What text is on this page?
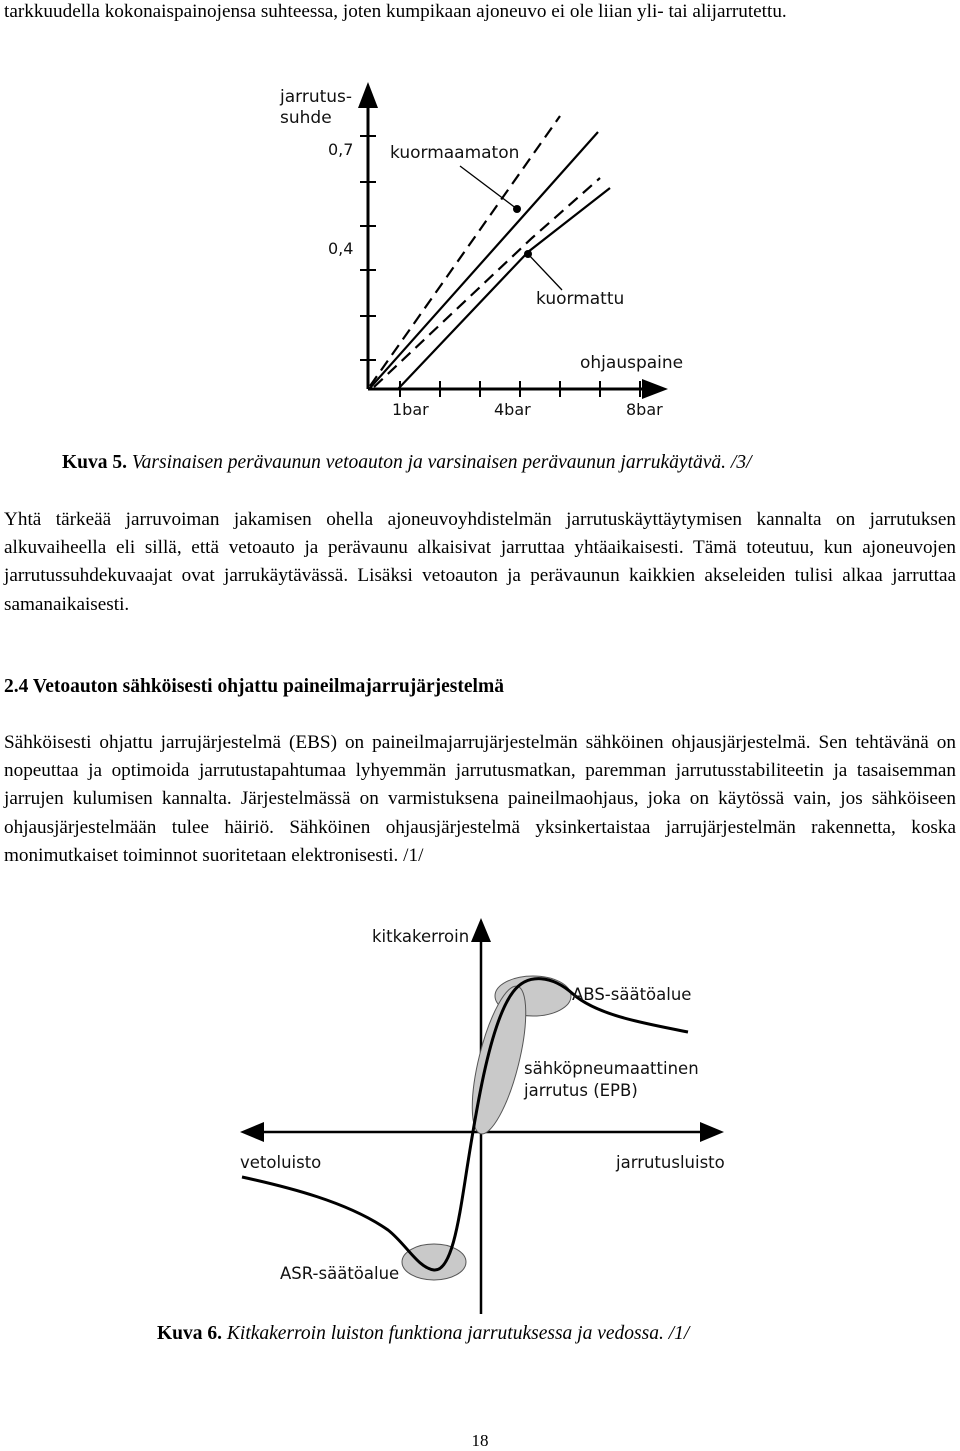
tarkkuudella kokonaispainojensa suhteessa, joten kumpikaan ajoneuvo ei ole liian yli- tai alijarrutettu.

jarrutus-
suhde
0,7
0,4
kuormaamaton
kuormattu
ohjauspaine
1bar	4bar	8bar

Kuva 5. Varsinaisen perävaunun vetoauton ja varsinaisen perävaunun jarrukäytävä. /3/

Yhtä tärkeää jarruvoiman jakamisen ohella ajoneuvoyhdistelmän jarrutuskäyttäytymisen kannalta on jarrutuksen alkuvaiheella eli sillä, että vetoauto ja perävaunu alkaisivat jarruttaa yhtäaikaisesti. Tämä toteutuu, kun ajoneuvojen jarrutussuhdekuvaajat ovat jarrukäytävässä. Lisäksi vetoauton ja perävaunun kaikkien akseleiden tulisi alkaa jarruttaa samanaikaisesti.

2.4 Vetoauton sähköisesti ohjattu paineilmajarrujärjestelmä

Sähköisesti ohjattu jarrujärjestelmä (EBS) on paineilmajarrujärjestelmän sähköinen ohjausjärjestelmä. Sen tehtävänä on nopeuttaa ja optimoida jarrutustapahtumaa lyhyemmän jarrutusmatkan, paremman jarrutusstabiliteetin ja tasaisemman jarrujen kulumisen kannalta. Järjestelmässä on varmistuksena paineilmaohjaus, joka on käytössä vain, jos sähköiseen ohjausjärjestelmään tulee häiriö. Sähköinen ohjausjärjestelmä yksinkertaistaa jarrujärjestelmän rakennetta, koska monimutkaiset toiminnot suoritetaan elektronisesti. /1/

kitkakerroin
ABS-säätöalue
sähköpneumaattinen
jarrutus (EPB)
vetoluisto	jarrutusluisto
ASR-säätöalue

Kuva 6. Kitkakerroin luiston funktiona jarrutuksessa ja vedossa. /1/

18
